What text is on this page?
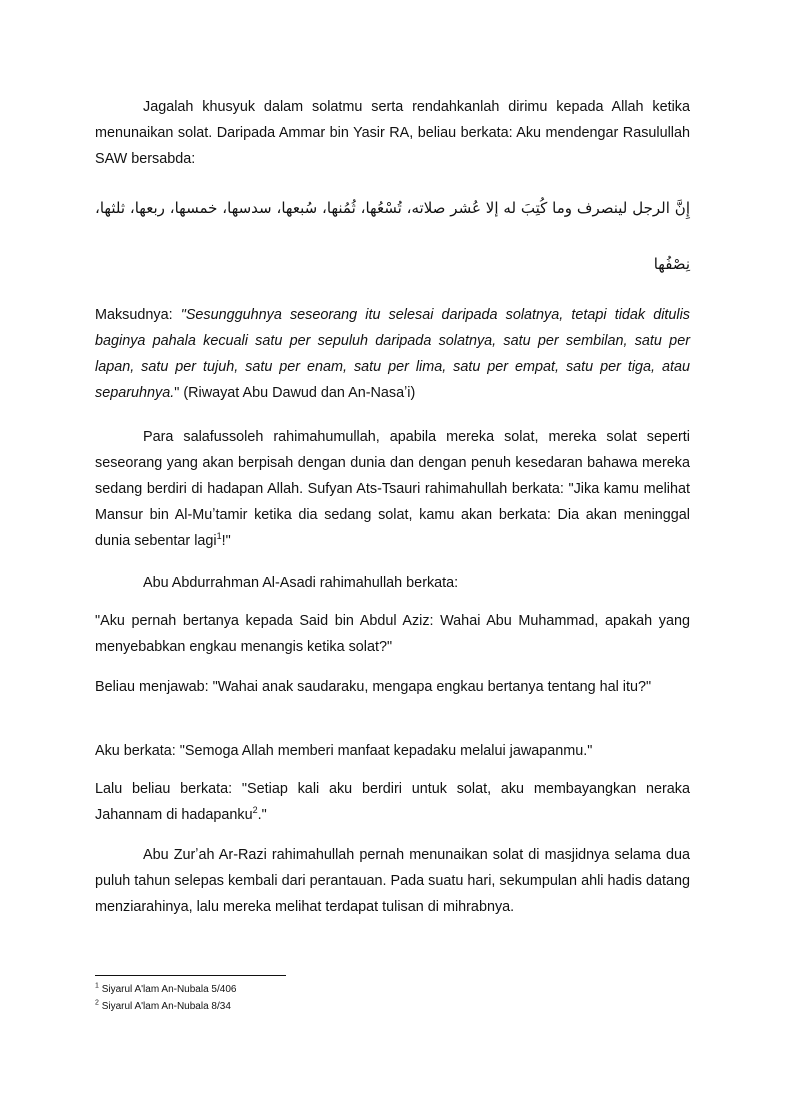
Jagalah khusyuk dalam solatmu serta rendahkanlah dirimu kepada Allah ketika menunaikan solat. Daripada Ammar bin Yasir RA, beliau berkata: Aku mendengar Rasulullah SAW bersabda:

إِنَّ الرجل لينصرف وما كُتِبَ له إلا عُشر صلاته، تُسْعُها، ثُمُنها، سُبعها، سدسها، خمسها، ربعها، ثلثها، نِصْفُها

Maksudnya: "Sesungguhnya seseorang itu selesai daripada solatnya, tetapi tidak ditulis baginya pahala kecuali satu per sepuluh daripada solatnya, satu per sembilan, satu per lapan, satu per tujuh, satu per enam, satu per lima, satu per empat, satu per tiga, atau separuhnya." (Riwayat Abu Dawud dan An-Nasaʼi)

Para salafussoleh rahimahumullah, apabila mereka solat, mereka solat seperti seseorang yang akan berpisah dengan dunia dan dengan penuh kesedaran bahawa mereka sedang berdiri di hadapan Allah. Sufyan Ats-Tsauri rahimahullah berkata: "Jika kamu melihat Mansur bin Al-Muʼtamir ketika dia sedang solat, kamu akan berkata: Dia akan meninggal dunia sebentar lagi$^1$!"

Abu Abdurrahman Al-Asadi rahimahullah berkata:

"Aku pernah bertanya kepada Said bin Abdul Aziz: Wahai Abu Muhammad, apakah yang menyebabkan engkau menangis ketika solat?"

Beliau menjawab: "Wahai anak saudaraku, mengapa engkau bertanya tentang hal itu?"

Aku berkata: "Semoga Allah memberi manfaat kepadaku melalui jawapanmu."

Lalu beliau berkata: "Setiap kali aku berdiri untuk solat, aku membayangkan neraka Jahannam di hadapanku$^2$."

Abu Zurʼah Ar-Razi rahimahullah pernah menunaikan solat di masjidnya selama dua puluh tahun selepas kembali dari perantauan. Pada suatu hari, sekumpulan ahli hadis datang menziarahinya, lalu mereka melihat terdapat tulisan di mihrabnya.

$^1$ Siyarul A'lam An-Nubala 5/406
$^2$ Siyarul A'lam An-Nubala 8/34
